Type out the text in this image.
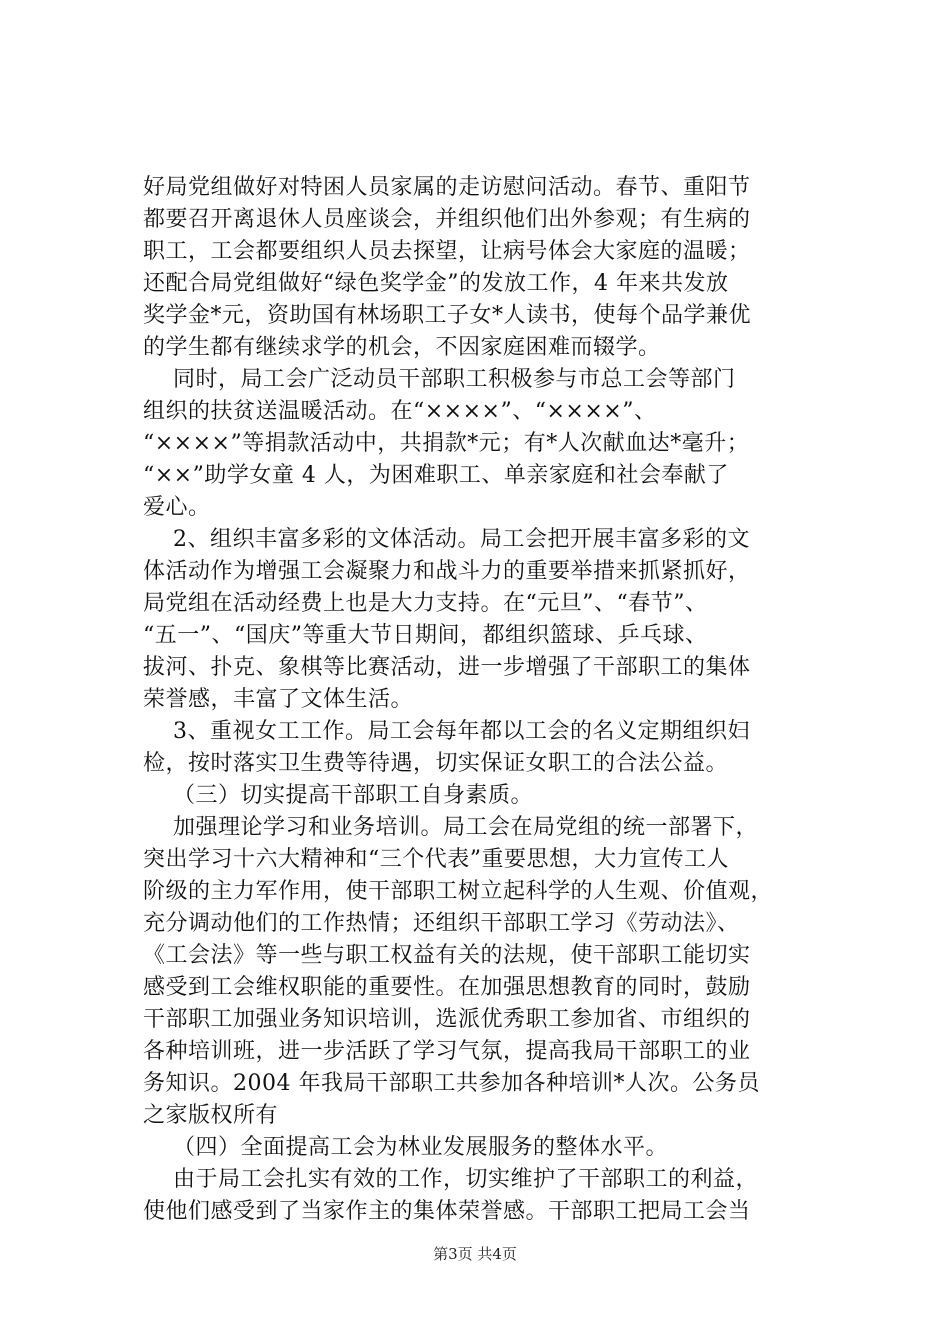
好局党组做好对特困人员家属的走访慰问活动。春节、重阳节
都要召开离退休人员座谈会，并组织他们出外参观；有生病的
职工，工会都要组织人员去探望，让病号体会大家庭的温暖；
还配合局党组做好“绿色奖学金”的发放工作，4 年来共发放
奖学金*元，资助国有林场职工子女*人读书，使每个品学兼优
的学生都有继续求学的机会，不因家庭困难而辍学。
同时，局工会广泛动员干部职工积极参与市总工会等部门
组织的扶贫送温暖活动。在“××××”、“××××”、
“××××”等捐款活动中，共捐款*元；有*人次献血达*毫升；
“××”助学女童 4 人，为困难职工、单亲家庭和社会奉献了
爱心。
2、组织丰富多彩的文体活动。局工会把开展丰富多彩的文
体活动作为增强工会凝聚力和战斗力的重要举措来抓紧抓好，
局党组在活动经费上也是大力支持。在“元旦”、“春节”、
“五一”、“国庆”等重大节日期间，都组织篮球、乒乓球、
拔河、扑克、象棋等比赛活动，进一步增强了干部职工的集体
荣誉感，丰富了文体生活。
3、重视女工工作。局工会每年都以工会的名义定期组织妇
检，按时落实卫生费等待遇，切实保证女职工的合法公益。
（三）切实提高干部职工自身素质。
加强理论学习和业务培训。局工会在局党组的统一部署下，
突出学习十六大精神和“三个代表”重要思想，大力宣传工人
阶级的主力军作用，使干部职工树立起科学的人生观、价值观，
充分调动他们的工作热情；还组织干部职工学习《劳动法》、
《工会法》等一些与职工权益有关的法规，使干部职工能切实
感受到工会维权职能的重要性。在加强思想教育的同时，鼓励
干部职工加强业务知识培训，选派优秀职工参加省、市组织的
各种培训班，进一步活跃了学习气氛，提高我局干部职工的业
务知识。2004 年我局干部职工共参加各种培训*人次。公务员
之家版权所有
（四）全面提高工会为林业发展服务的整体水平。
由于局工会扎实有效的工作，切实维护了干部职工的利益，
使他们感受到了当家作主的集体荣誉感。干部职工把局工会当
第3页 共4页
